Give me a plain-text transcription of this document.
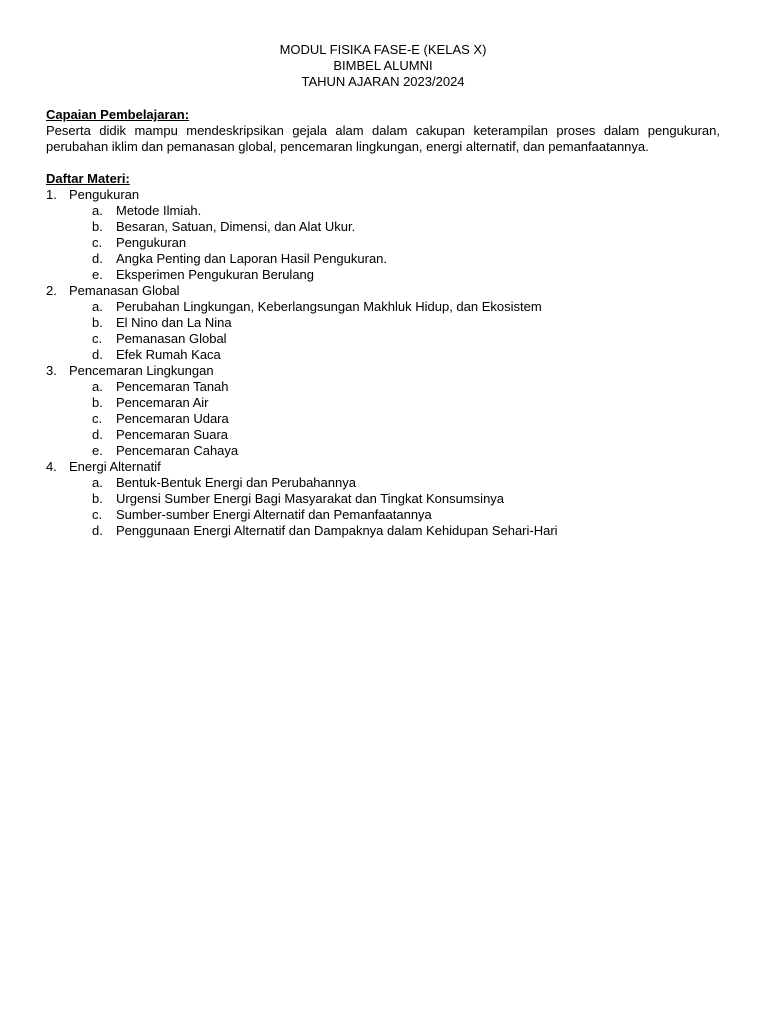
MODUL FISIKA FASE-E (KELAS X)
BIMBEL ALUMNI
TAHUN AJARAN 2023/2024
Capaian Pembelajaran:
Peserta didik mampu mendeskripsikan gejala alam dalam cakupan keterampilan proses dalam pengukuran, perubahan iklim dan pemanasan global, pencemaran lingkungan, energi alternatif, dan pemanfaatannya.
Daftar Materi:
1. Pengukuran
a. Metode Ilmiah.
b. Besaran, Satuan, Dimensi, dan Alat Ukur.
c. Pengukuran
d. Angka Penting dan Laporan Hasil Pengukuran.
e. Eksperimen Pengukuran Berulang
2. Pemanasan Global
a. Perubahan Lingkungan, Keberlangsungan Makhluk Hidup, dan Ekosistem
b. El Nino dan La Nina
c. Pemanasan Global
d. Efek Rumah Kaca
3. Pencemaran Lingkungan
a. Pencemaran Tanah
b. Pencemaran Air
c. Pencemaran Udara
d. Pencemaran Suara
e. Pencemaran Cahaya
4. Energi Alternatif
a. Bentuk-Bentuk Energi dan Perubahannya
b. Urgensi Sumber Energi Bagi Masyarakat dan Tingkat Konsumsinya
c. Sumber-sumber Energi Alternatif dan Pemanfaatannya
d. Penggunaan Energi Alternatif dan Dampaknya dalam Kehidupan Sehari-Hari
